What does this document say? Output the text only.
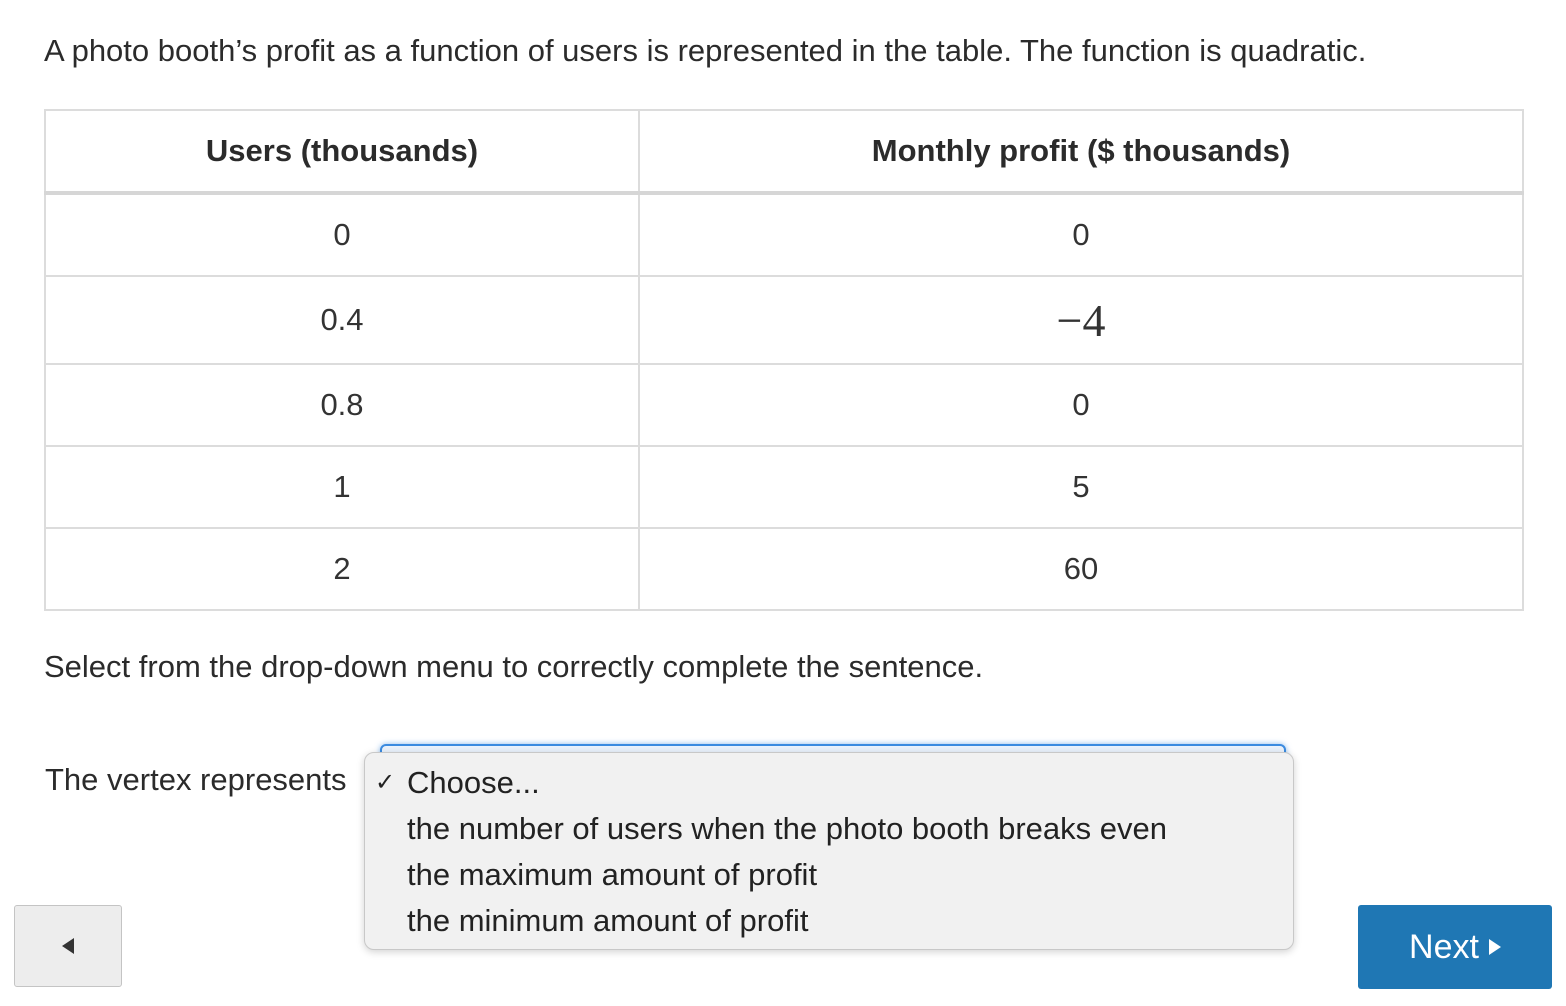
A photo booth’s profit as a function of users is represented in the table. The function is quadratic.

Users (thousands)	Monthly profit ($ thousands)
0	0
0.4	−4
0.8	0
1	5
2	60

Select from the drop-down menu to correctly complete the sentence.

The vertex represents	✓ Choose...
the number of users when the photo booth breaks even
the maximum amount of profit
the minimum amount of profit
Next
